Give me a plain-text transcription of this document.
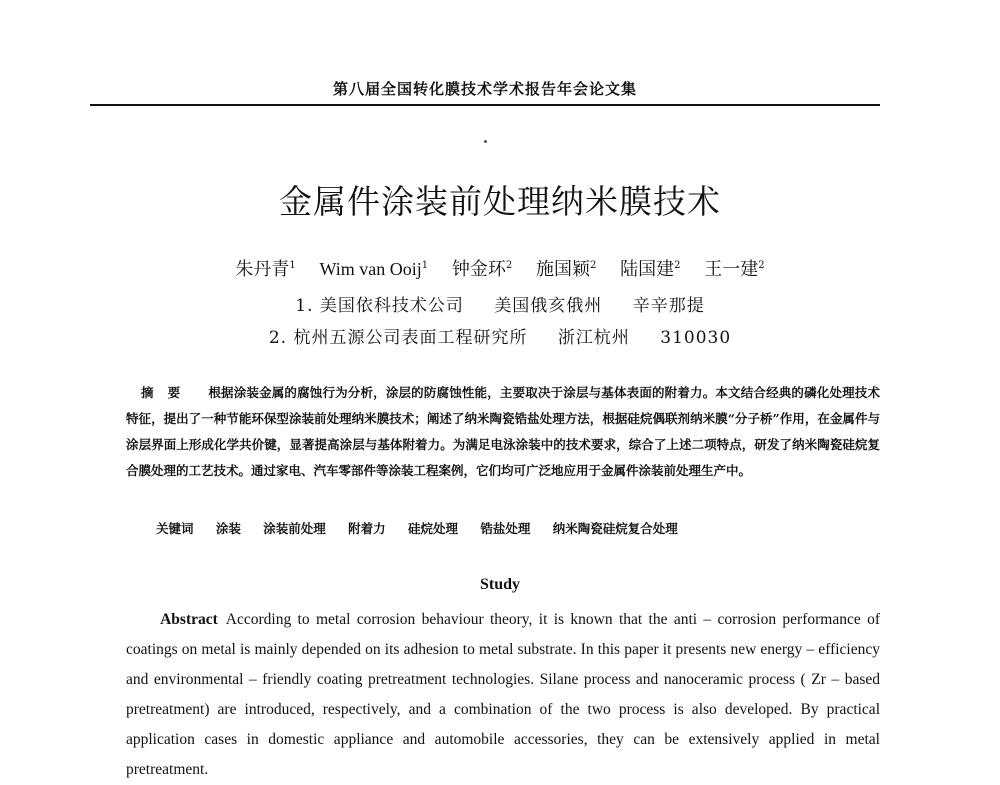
第八届全国转化膜技术学术报告年会论文集
金属件涂装前处理纳米膜技术
朱丹青$^1$ Wim van Ooij$^1$ 钟金环$^2$ 施国颖$^2$ 陆国建$^2$ 王一建$^2$
1. 美国依科技术公司 美国俄亥俄州 辛辛那提
2. 杭州五源公司表面工程研究所 浙江杭州 310030
摘要 根据涂装金属的腐蚀行为分析，涂层的防腐蚀性能，主要取决于涂层与基体表面的附着力。本文结合经典的磷化处理技术特征，提出了一种节能环保型涂装前处理纳米膜技术；阐述了纳米陶瓷锆盐处理方法，根据硅烷偶联剂纳米膜“分子桥”作用，在金属件与涂层界面上形成化学共价键，显著提高涂层与基体附着力。为满足电泳涂装中的技术要求，综合了上述二项特点，研发了纳米陶瓷硅烷复合膜处理的工艺技术。通过家电、汽车零部件等涂装工程案例，它们均可广泛地应用于金属件涂装前处理生产中。
关键词 涂装 涂装前处理 附着力 硅烷处理 锆盐处理 纳米陶瓷硅烷复合处理
Study
Abstract According to metal corrosion behaviour theory, it is known that the anti – corrosion performance of coatings on metal is mainly depended on its adhesion to metal substrate. In this paper it presents new energy – efficiency and environmental – friendly coating pretreatment technologies. Silane process and nanoceramic process ( Zr – based pretreatment) are introduced, respectively, and a combination of the two process is also developed. By practical application cases in domestic appliance and automobile accessories, they can be extensively applied in metal pretreatment.
